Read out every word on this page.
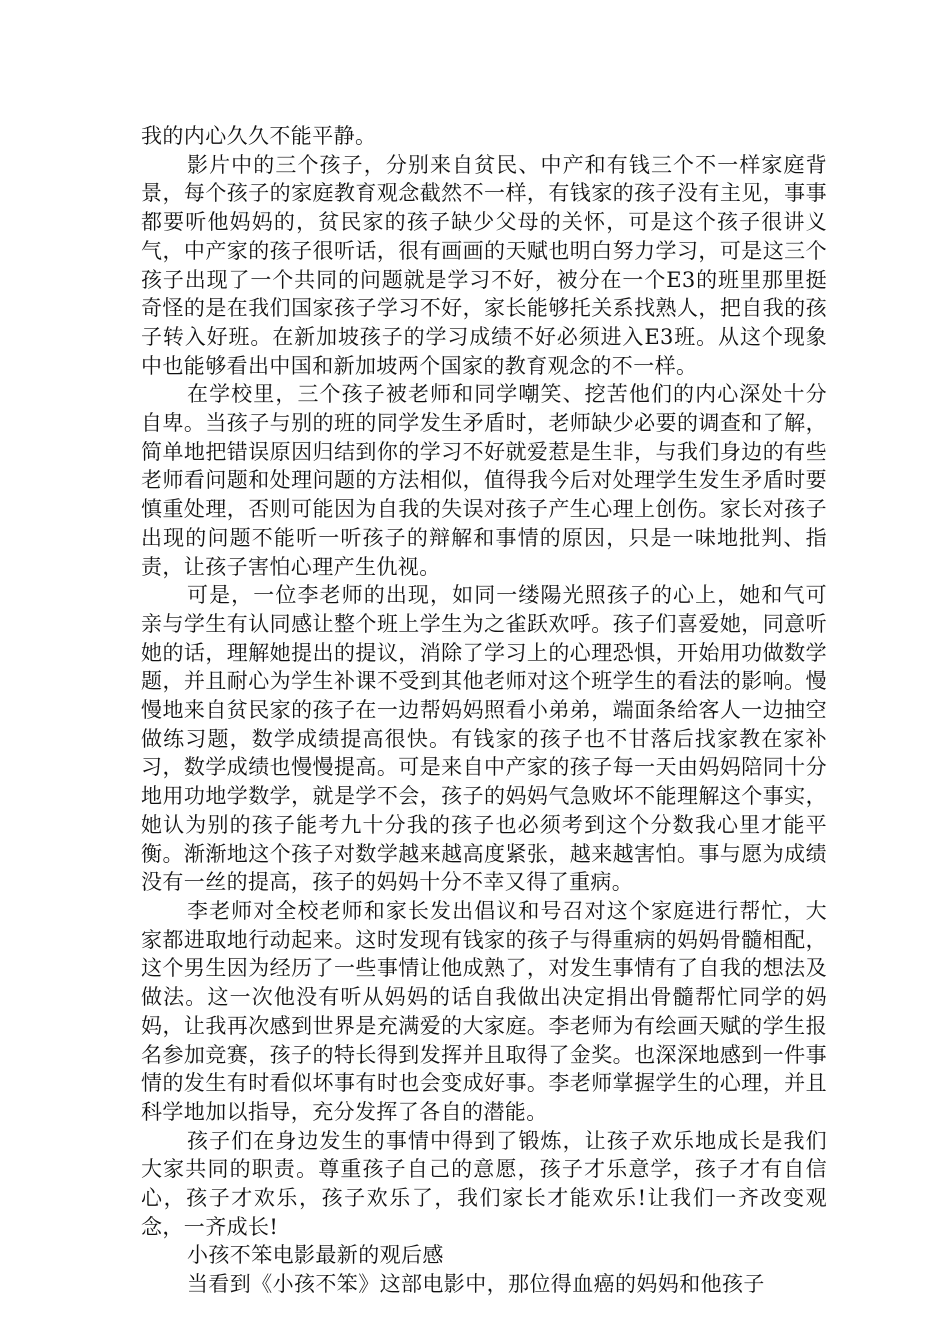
我的内心久久不能平静。

影片中的三个孩子，分别来自贫民、中产和有钱三个不一样家庭背景，每个孩子的家庭教育观念截然不一样，有钱家的孩子没有主见，事事都要听他妈妈的，贫民家的孩子缺少父母的关怀，可是这个孩子很讲义气，中产家的孩子很听话，很有画画的天赋也明白努力学习，可是这三个孩子出现了一个共同的问题就是学习不好，被分在一个E3的班里那里挺奇怪的是在我们国家孩子学习不好，家长能够托关系找熟人，把自我的孩子转入好班。在新加坡孩子的学习成绩不好必须进入E3班。从这个现象中也能够看出中国和新加坡两个国家的教育观念的不一样。

在学校里，三个孩子被老师和同学嘲笑、挖苦他们的内心深处十分自卑。当孩子与别的班的同学发生矛盾时，老师缺少必要的调查和了解，简单地把错误原因归结到你的学习不好就爱惹是生非，与我们身边的有些老师看问题和处理问题的方法相似，值得我今后对处理学生发生矛盾时要慎重处理，否则可能因为自我的失误对孩子产生心理上创伤。家长对孩子出现的问题不能听一听孩子的辩解和事情的原因，只是一味地批判、指责，让孩子害怕心理产生仇视。

可是，一位李老师的出现，如同一缕陽光照孩子的心上，她和气可亲与学生有认同感让整个班上学生为之雀跃欢呼。孩子们喜爱她，同意听她的话，理解她提出的提议，消除了学习上的心理恐惧，开始用功做数学题，并且耐心为学生补课不受到其他老师对这个班学生的看法的影响。慢慢地来自贫民家的孩子在一边帮妈妈照看小弟弟，端面条给客人一边抽空做练习题，数学成绩提高很快。有钱家的孩子也不甘落后找家教在家补习，数学成绩也慢慢提高。可是来自中产家的孩子每一天由妈妈陪同十分地用功地学数学，就是学不会，孩子的妈妈气急败坏不能理解这个事实，她认为别的孩子能考九十分我的孩子也必须考到这个分数我心里才能平衡。渐渐地这个孩子对数学越来越高度紧张，越来越害怕。事与愿为成绩没有一丝的提高，孩子的妈妈十分不幸又得了重病。

李老师对全校老师和家长发出倡议和号召对这个家庭进行帮忙，大家都进取地行动起来。这时发现有钱家的孩子与得重病的妈妈骨髓相配，这个男生因为经历了一些事情让他成熟了，对发生事情有了自我的想法及做法。这一次他没有听从妈妈的话自我做出决定捐出骨髓帮忙同学的妈妈，让我再次感到世界是充满爱的大家庭。李老师为有绘画天赋的学生报名参加竞赛，孩子的特长得到发挥并且取得了金奖。也深深地感到一件事情的发生有时看似坏事有时也会变成好事。李老师掌握学生的心理，并且科学地加以指导，充分发挥了各自的潜能。

孩子们在身边发生的事情中得到了锻炼，让孩子欢乐地成长是我们大家共同的职责。尊重孩子自己的意愿，孩子才乐意学，孩子才有自信心，孩子才欢乐，孩子欢乐了，我们家长才能欢乐!让我们一齐改变观念，一齐成长!

小孩不笨电影最新的观后感

当看到《小孩不笨》这部电影中，那位得血癌的妈妈和他孩子
